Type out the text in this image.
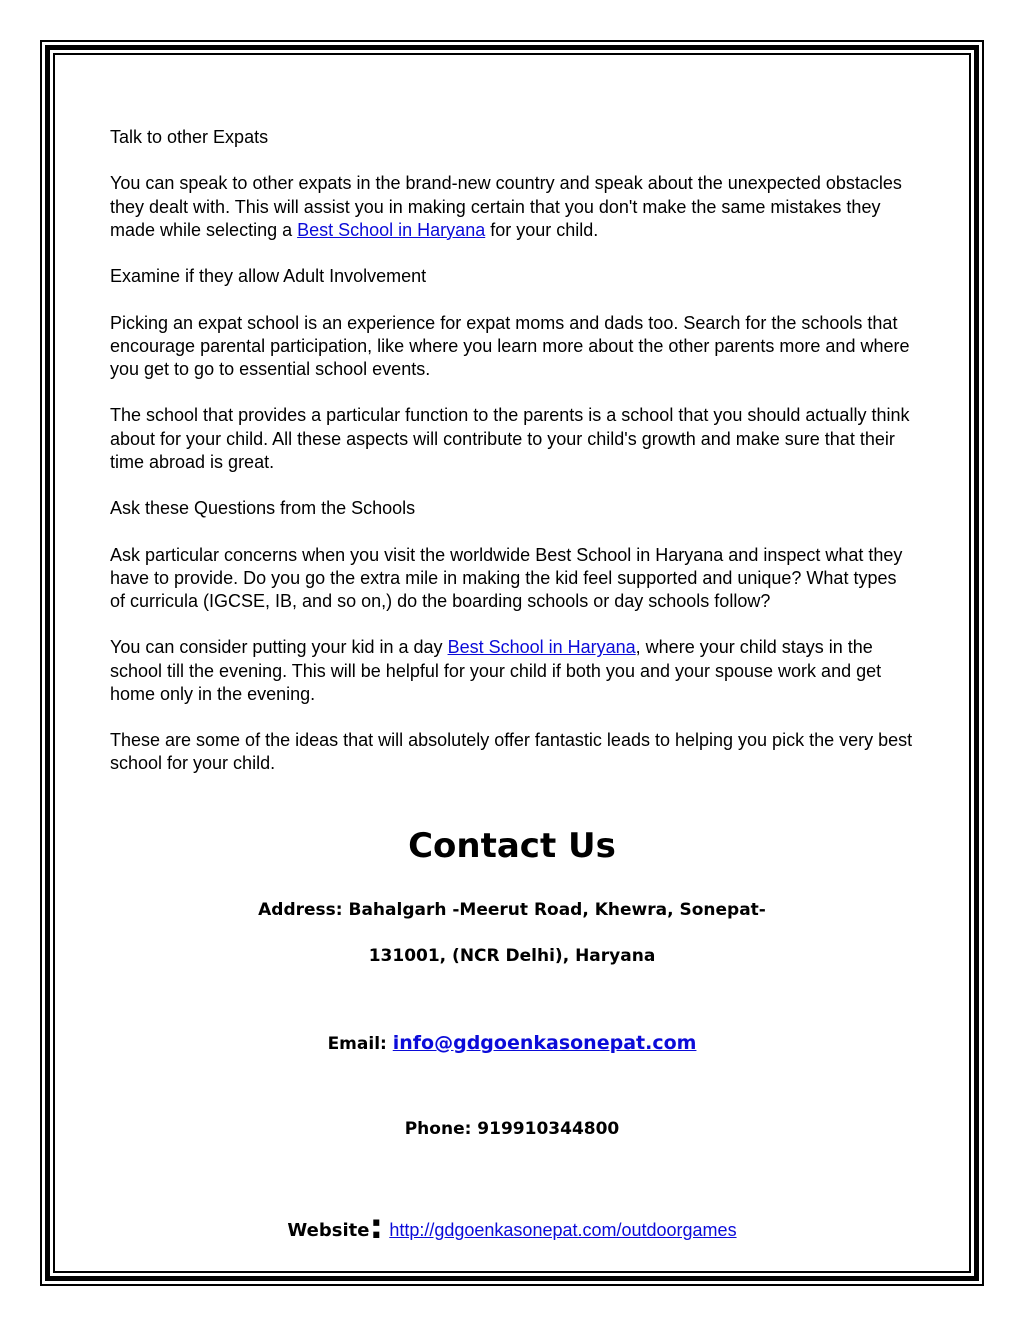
Talk to other Expats

You can speak to other expats in the brand-new country and speak about the unexpected obstacles they dealt with. This will assist you in making certain that you don't make the same mistakes they made while selecting a Best School in Haryana for your child.

Examine if they allow Adult Involvement

Picking an expat school is an experience for expat moms and dads too. Search for the schools that encourage parental participation, like where you learn more about the other parents more and where you get to go to essential school events.

The school that provides a particular function to the parents is a school that you should actually think about for your child. All these aspects will contribute to your child's growth and make sure that their time abroad is great.

Ask these Questions from the Schools

Ask particular concerns when you visit the worldwide Best School in Haryana and inspect what they have to provide. Do you go the extra mile in making the kid feel supported and unique? What types of curricula (IGCSE, IB, and so on,) do the boarding schools or day schools follow?

You can consider putting your kid in a day Best School in Haryana, where your child stays in the school till the evening. This will be helpful for your child if both you and your spouse work and get home only in the evening.

These are some of the ideas that will absolutely offer fantastic leads to helping you pick the very best school for your child.

Contact Us
Address: Bahalgarh -Meerut Road, Khewra, Sonepat-
131001, (NCR Delhi), Haryana
Email: info@gdgoenkasonepat.com
Phone: 919910344800
Website: http://gdgoenkasonepat.com/outdoorgames
